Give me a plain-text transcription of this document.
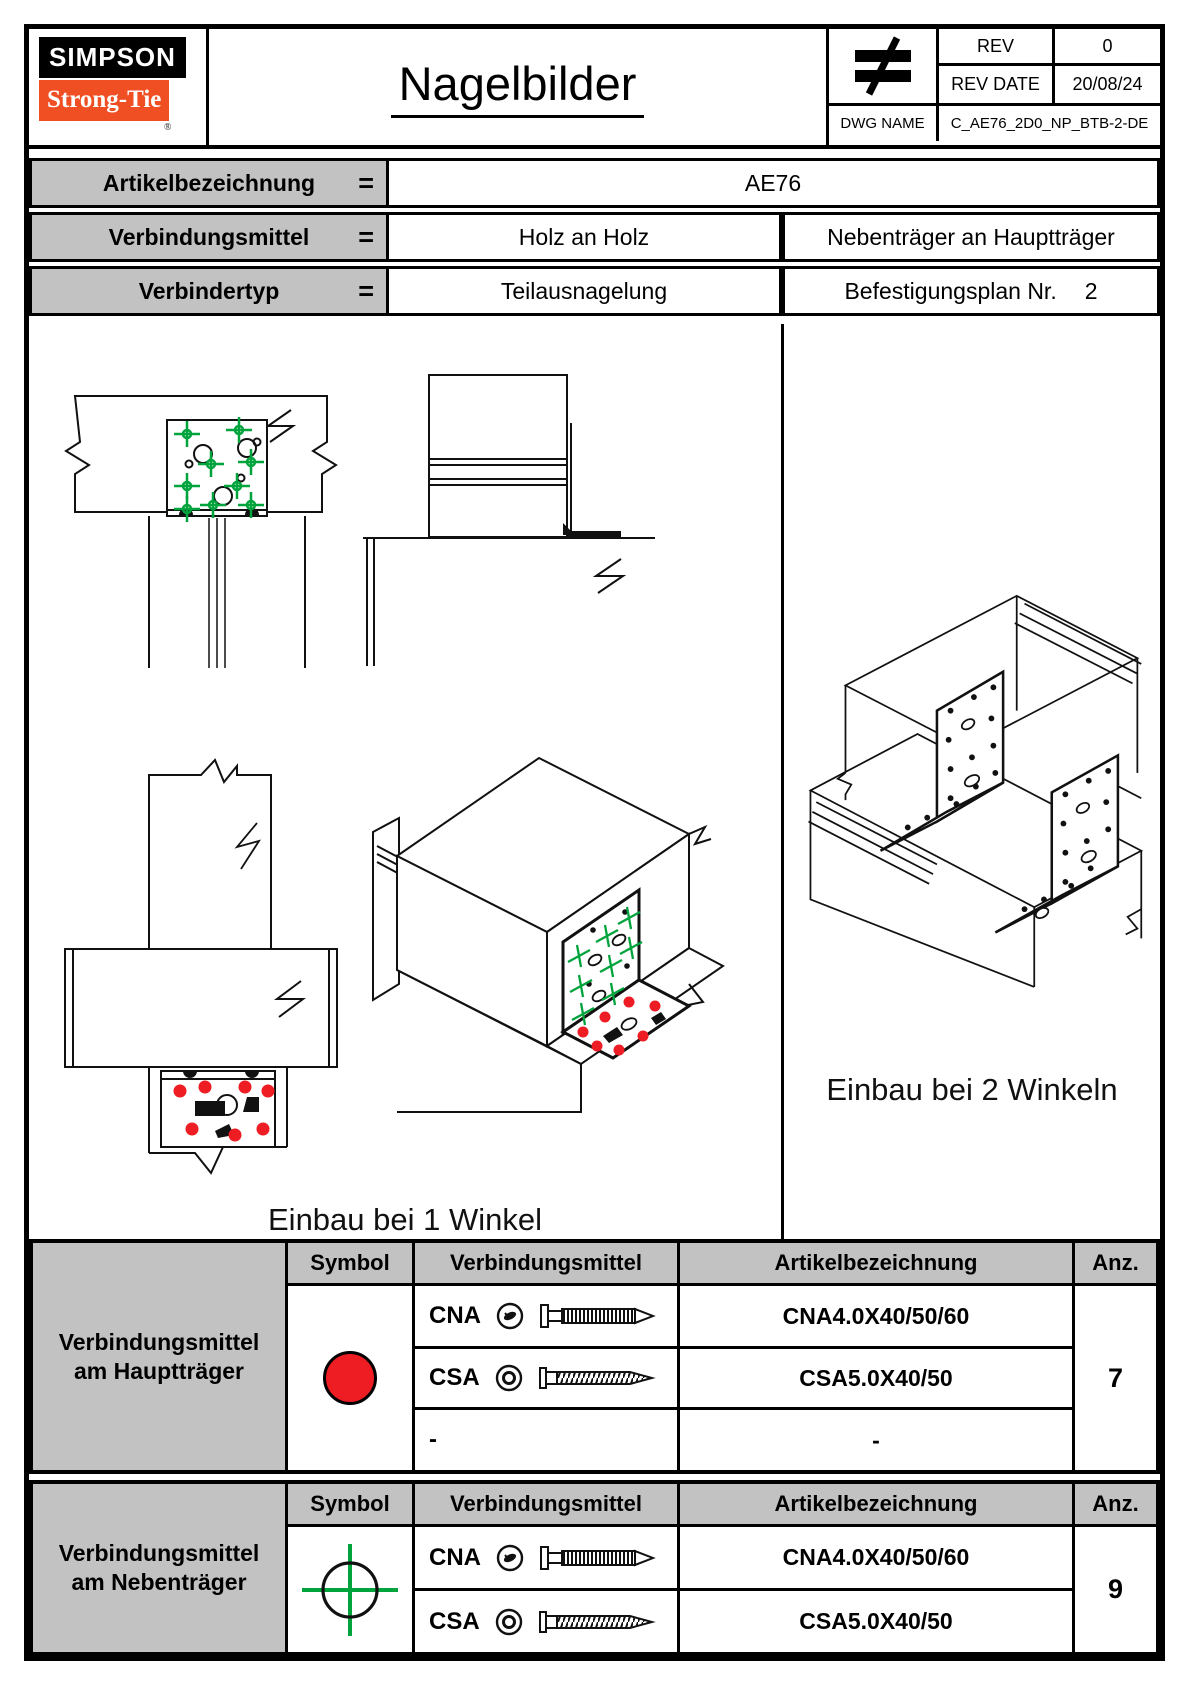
SIMPSON
Strong-Tie
®
Nagelbilder
REV	0
REV DATE	20/08/24
DWG NAME	C_AE76_2D0_NP_BTB-2-DE
Artikelbezeichnung =	AE76
Verbindungsmittel =	Holz an Holz	Nebenträger an Hauptträger
Verbindertyp	=	Teilausnagelung	Befestigungsplan Nr. 2
Einbau bei 1 Winkel
Einbau bei 2 Winkeln
Verbindungsmittel am Hauptträger
Symbol	Verbindungsmittel	Artikelbezeichnung	Anz.
CNA	CNA4.0X40/50/60
CSA	CSA5.0X40/50
-	-
7
Verbindungsmittel am Nebenträger
Symbol	Verbindungsmittel	Artikelbezeichnung	Anz.
CNA	CNA4.0X40/50/60
CSA	CSA5.0X40/50
9
